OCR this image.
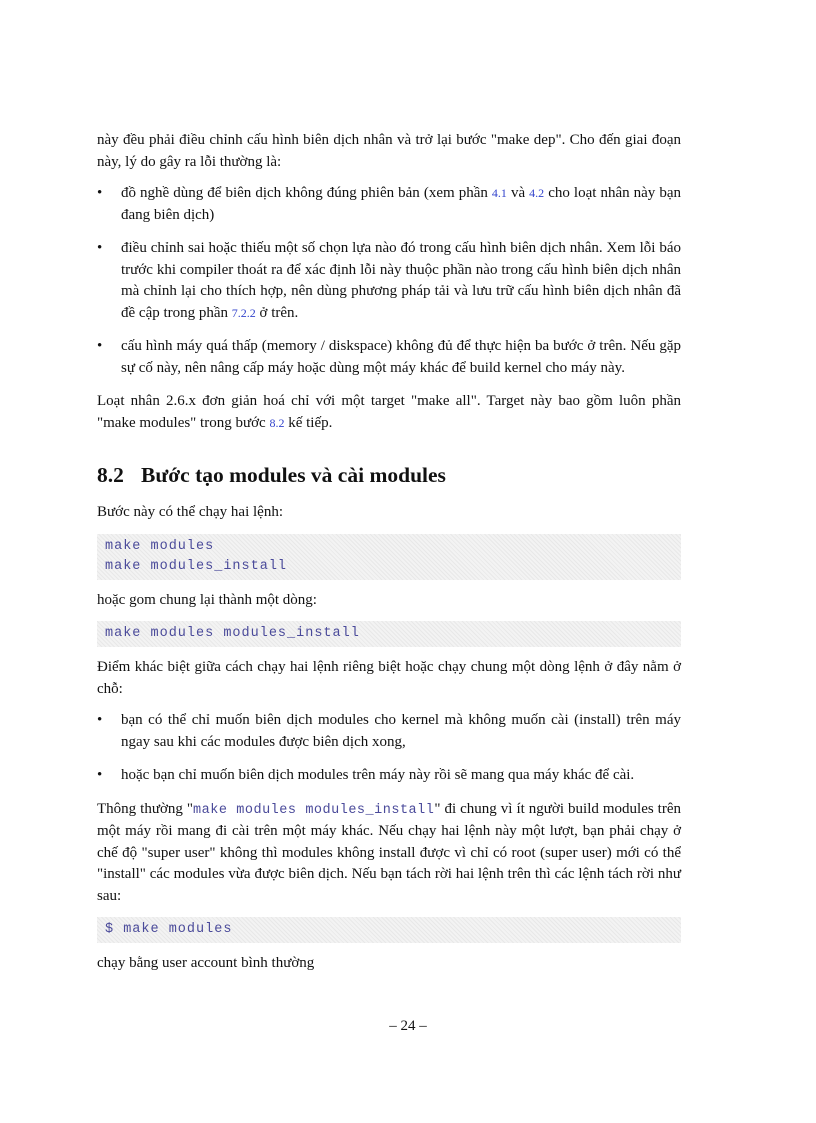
này đều phải điều chỉnh cấu hình biên dịch nhân và trở lại bước "make dep". Cho đến giai đoạn này, lý do gây ra lỗi thường là:

•	đồ nghề dùng để biên dịch không đúng phiên bản (xem phần 4.1 và 4.2 cho loạt nhân này bạn đang biên dịch)
•	điều chỉnh sai hoặc thiếu một số chọn lựa nào đó trong cấu hình biên dịch nhân. Xem lỗi báo trước khi compiler thoát ra để xác định lỗi này thuộc phần nào trong cấu hình biên dịch nhân mà chỉnh lại cho thích hợp, nên dùng phương pháp tải và lưu trữ cấu hình biên dịch nhân đã đề cập trong phần 7.2.2 ở trên.
•	cấu hình máy quá thấp (memory / diskspace) không đủ để thực hiện ba bước ở trên. Nếu gặp sự cố này, nên nâng cấp máy hoặc dùng một máy khác để build kernel cho máy này.

Loạt nhân 2.6.x đơn giản hoá chỉ với một target "make all". Target này bao gồm luôn phần "make modules" trong bước 8.2 kế tiếp.

8.2 Bước tạo modules và cài modules

Bước này có thể chạy hai lệnh:

make modules
make modules_install

hoặc gom chung lại thành một dòng:

make modules modules_install

Điểm khác biệt giữa cách chạy hai lệnh riêng biệt hoặc chạy chung một dòng lệnh ở đây nằm ở chỗ:

•	bạn có thể chỉ muốn biên dịch modules cho kernel mà không muốn cài (install) trên máy ngay sau khi các modules được biên dịch xong,
•	hoặc bạn chỉ muốn biên dịch modules trên máy này rồi sẽ mang qua máy khác để cài.

Thông thường "make modules modules_install" đi chung vì ít người build modules trên một máy rồi mang đi cài trên một máy khác. Nếu chạy hai lệnh này một lượt, bạn phải chạy ở chế độ "super user" không thì modules không install được vì chỉ có root (super user) mới có thể "install" các modules vừa được biên dịch. Nếu bạn tách rời hai lệnh trên thì các lệnh tách rời như sau:

$ make modules

chạy bằng user account bình thường

– 24 –
